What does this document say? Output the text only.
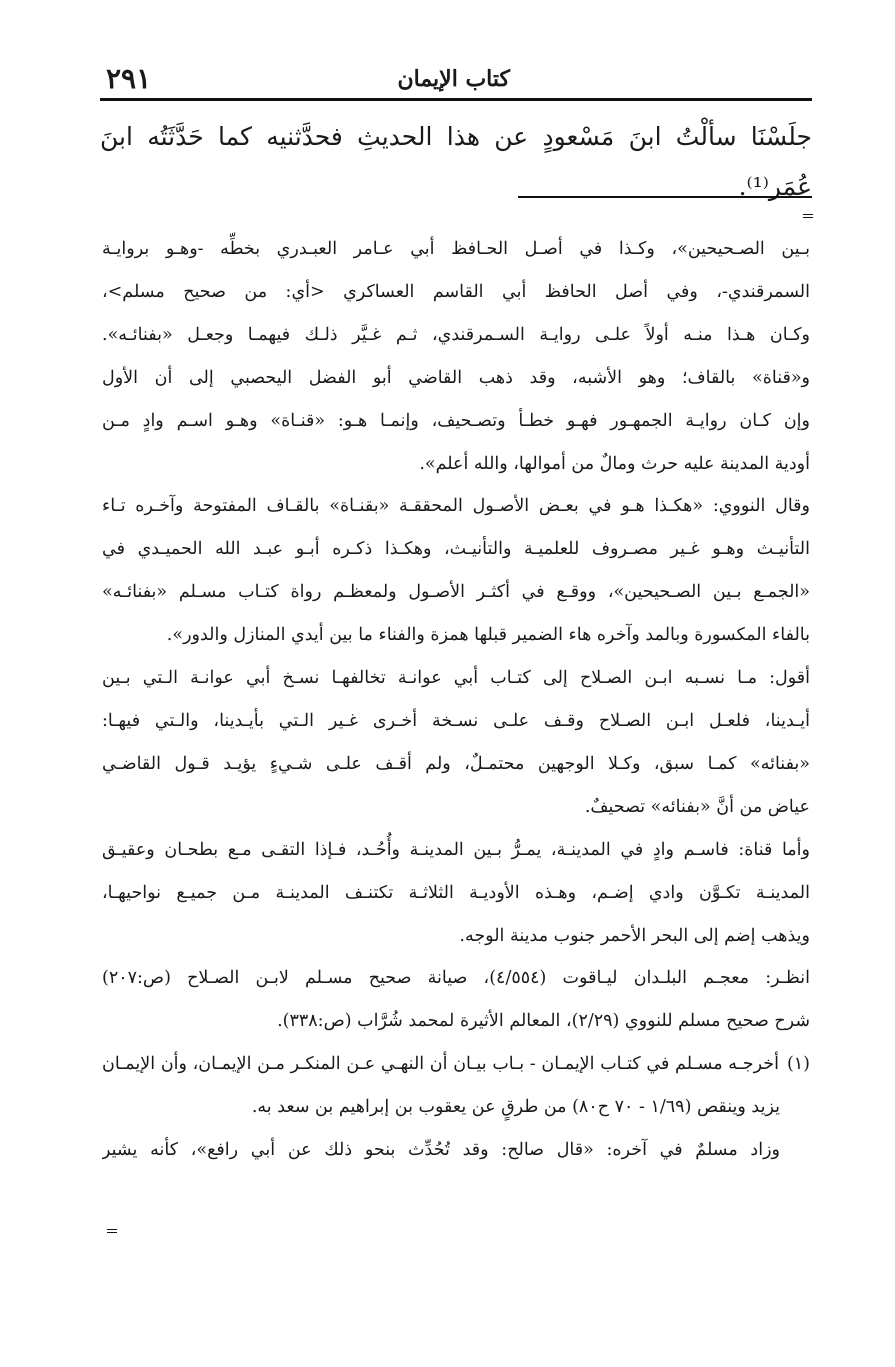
كتاب الإيمان
٢٩١
جلَسْنَا سألْتُ ابنَ مَسْعودٍ عن هذا الحديثِ فحدَّثنيه كما حَدَّثَتُه ابنَ عُمَر⁽¹⁾.

بـين الصـحيحين»، وكـذا في أصـل الحـافظ أبي عـامر العبـدري بخطِّه -وهـو بروايـة

السمرقندي-، وفي أصل الحافظ أبي القاسم العساكري <أي: من صحيح مسلم>،

وكـان هـذا منـه أولاً علـى روايـة السـمرقندي، ثـم غـيَّر ذلـك فيهمـا وجعـل «بفنائـه».

و«قناة» بالقاف؛ وهو الأشبه، وقد ذهب القاضي أبو الفضل اليحصبي إلى أن الأول

وإن كـان روايـة الجمهـور فهـو خطـأ وتصـحيف، وإنمـا هـو: «قنـاة» وهـو اسـم وادٍ مـن

أودية المدينة عليه حرث ومالٌ من أموالها، والله أعلم».

وقال النووي: «هكـذا هـو في بعـض الأصـول المحققـة «بقنـاة» بالقـاف المفتوحة وآخـره تـاء

التأنيـث وهـو غـير مصـروف للعلميـة والتأنيـث، وهكـذا ذكـره أبـو عبـد الله الحميـدي في

«الجمـع بـين الصـحيحين»، ووقـع في أكثـر الأصـول ولمعظـم رواة كتـاب مسـلم «بفنائـه»

بالفاء المكسورة وبالمد وآخره هاء الضمير قبلها همزة والفناء ما بين أيدي المنازل والدور».

أقول: مـا نسـبه ابـن الصـلاح إلى كتـاب أبي عوانـة تخالفهـا نسـخ أبي عوانـة الـتي بـين

أيـدينا، فلعـل ابـن الصـلاح وقـف علـى نسـخة أخـرى غـير الـتي بأيـدينا، والـتي فيهـا:

«بفنائه» كمـا سبق، وكـلا الوجهين محتمـلٌ، ولم أقـف علـى شـيءٍ يؤيـد قـول القاضـي

عياض من أنَّ «بفنائه» تصحيفٌ.

وأما قناة: فاسـم وادٍ في المدينـة، يمـرُّ بـين المدينـة وأُحُـد، فـإذا التقـى مـع بطحـان وعقيـق

المدينـة تكـوَّن وادي إضـم، وهـذه الأوديـة الثلاثـة تكتنـف المدينـة مـن جميـع نواحيهـا،

ويذهب إضم إلى البحر الأحمر جنوب مدينة الوجه.

انظـر: معجـم البلـدان ليـاقوت (٤/٥٥٤)، صيانة صحيح مسـلم لابـن الصـلاح (ص:٢٠٧)

شرح صحيح مسلم للنووي (٢/٢٩)، المعالم الأثيرة لمحمد شُرَّاب (ص:٣٣٨).

(١)
أخرجـه مسـلم في كتـاب الإيمـان - بـاب بيـان أن النهـي عـن المنكـر مـن الإيمـان، وأن الإيمـان

يزيد وينقص (١/٦٩ - ٧٠ ح٨٠) من طرقٍ عن يعقوب بن إبراهيم بن سعد به.

وزاد مسلمٌ في آخره: «قال صالح: وقد تُحُدِّث بنحو ذلك عن أبي رافع»، كأنه يشير
